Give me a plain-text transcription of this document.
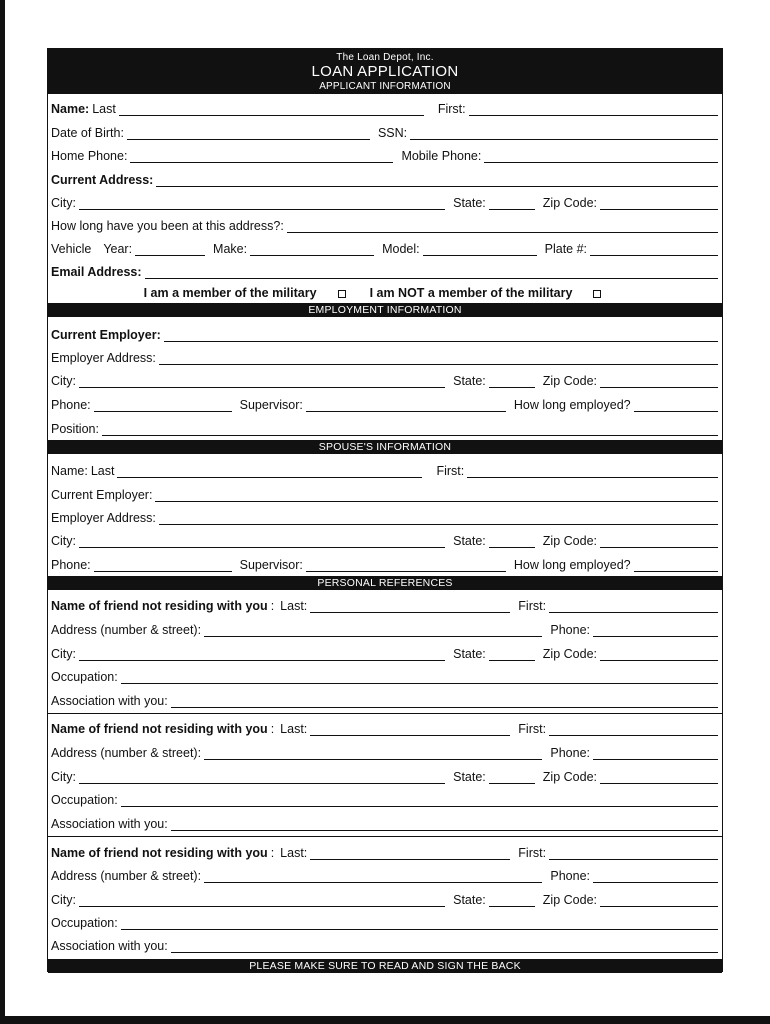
The Loan Depot, Inc.
LOAN APPLICATION
APPLICANT INFORMATION
Name: Last	First:
Date of Birth:	SSN:
Home Phone:	Mobile Phone:
Current Address:
City:	State:	Zip Code:
How long have you been at this address?:
Vehicle Year:	Make:	Model:	Plate #:
Email Address:
I am a member of the military	I am NOT a member of the military
EMPLOYMENT INFORMATION
Current Employer:
Employer Address:
City:	State:	Zip Code:
Phone:	Supervisor:	How long employed?
Position:
SPOUSE'S INFORMATION
Name: Last	First:
Current Employer:
Employer Address:
City:	State:	Zip Code:
Phone:	Supervisor:	How long employed?
PERSONAL REFERENCES
Name of friend not residing with you : Last:	First:
Address (number & street):	Phone:
City:	State:	Zip Code:
Occupation:
Association with you:
Name of friend not residing with you : Last:	First:
Address (number & street):	Phone:
City:	State:	Zip Code:
Occupation:
Association with you:
Name of friend not residing with you : Last:	First:
Address (number & street):	Phone:
City:	State:	Zip Code:
Occupation:
Association with you:
PLEASE MAKE SURE TO READ AND SIGN THE BACK
